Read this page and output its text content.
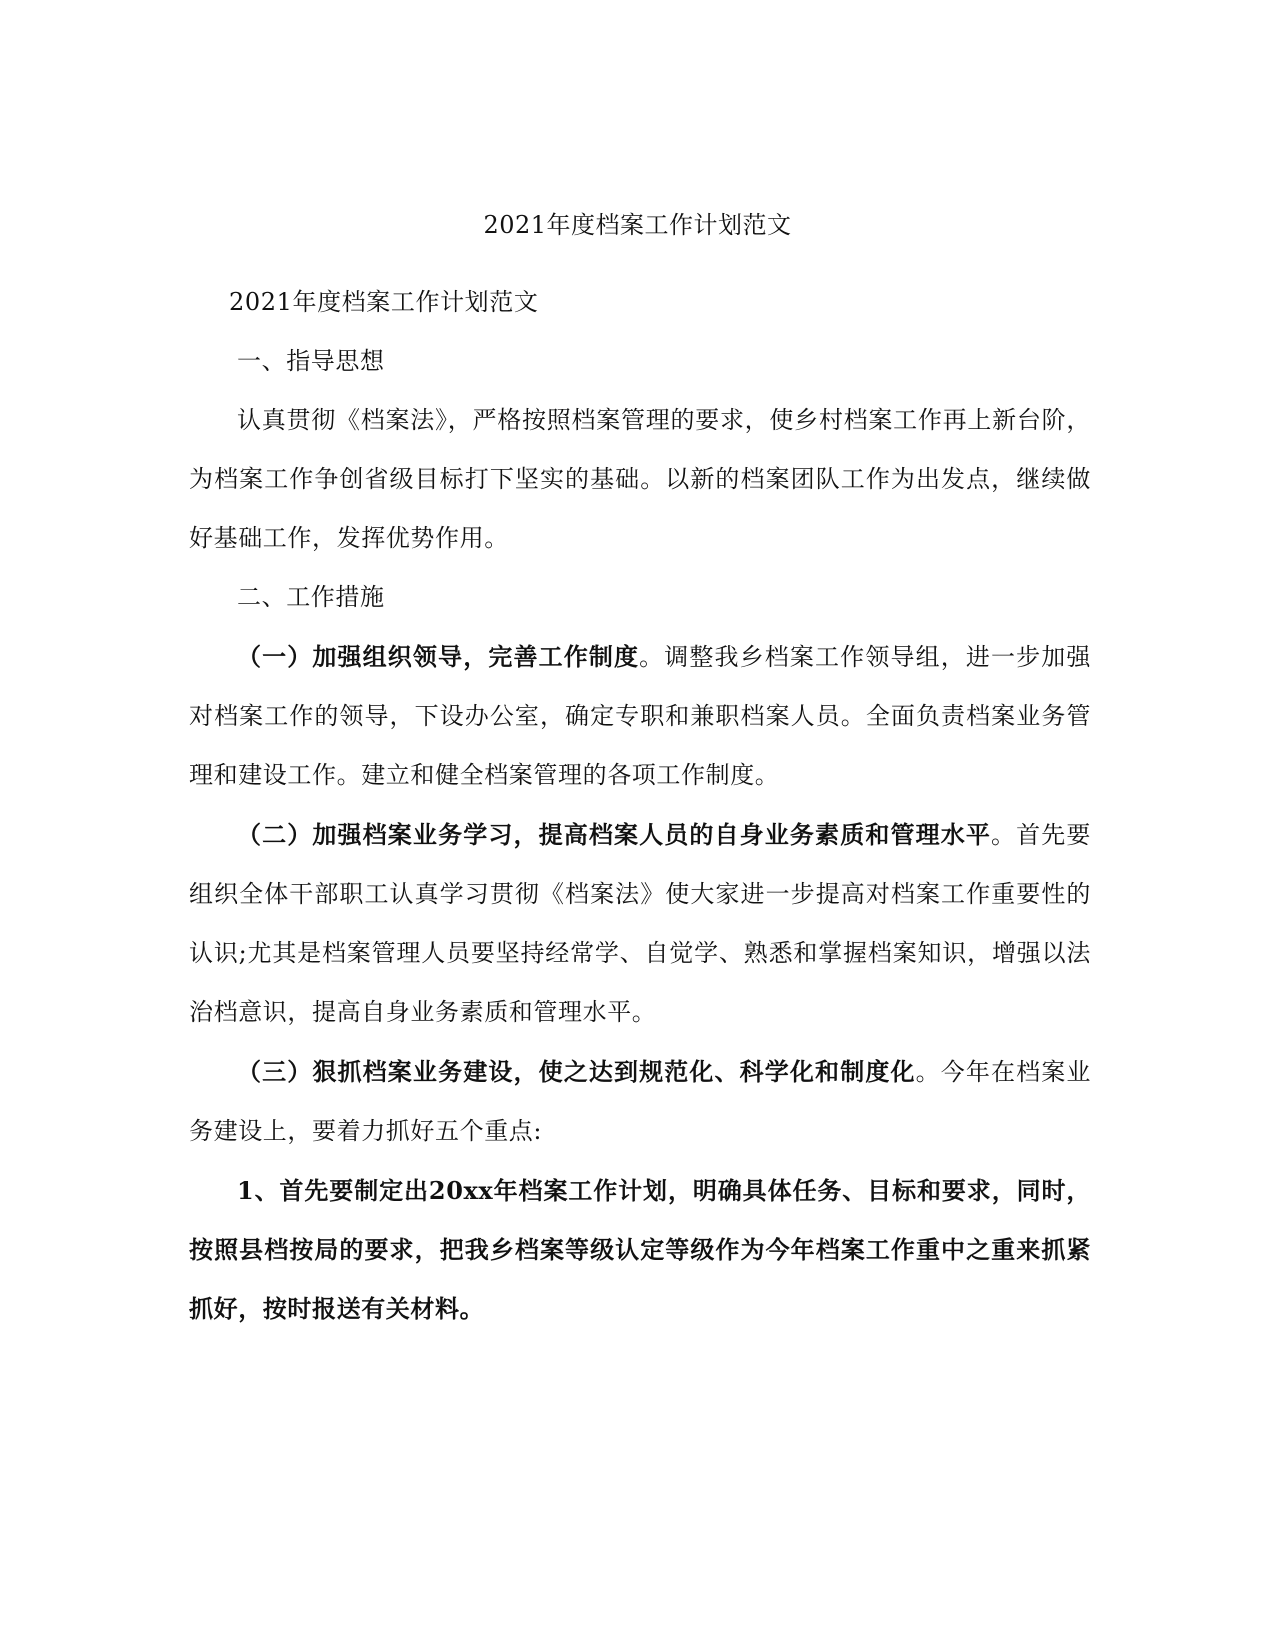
2021年度档案工作计划范文

2021年度档案工作计划范文

一、指导思想

认真贯彻《档案法》，严格按照档案管理的要求，使乡村档案工作再上新台阶，为档案工作争创省级目标打下坚实的基础。以新的档案团队工作为出发点，继续做好基础工作，发挥优势作用。

二、工作措施

（一）加强组织领导，完善工作制度。调整我乡档案工作领导组，进一步加强对档案工作的领导，下设办公室，确定专职和兼职档案人员。全面负责档案业务管理和建设工作。建立和健全档案管理的各项工作制度。

（二）加强档案业务学习，提高档案人员的自身业务素质和管理水平。首先要组织全体干部职工认真学习贯彻《档案法》使大家进一步提高对档案工作重要性的认识;尤其是档案管理人员要坚持经常学、自觉学、熟悉和掌握档案知识，增强以法治档意识，提高自身业务素质和管理水平。

（三）狠抓档案业务建设，使之达到规范化、科学化和制度化。今年在档案业务建设上，要着力抓好五个重点:

1、首先要制定出20xx年档案工作计划，明确具体任务、目标和要求，同时，按照县档按局的要求，把我乡档案等级认定等级作为今年档案工作重中之重来抓紧抓好，按时报送有关材料。
